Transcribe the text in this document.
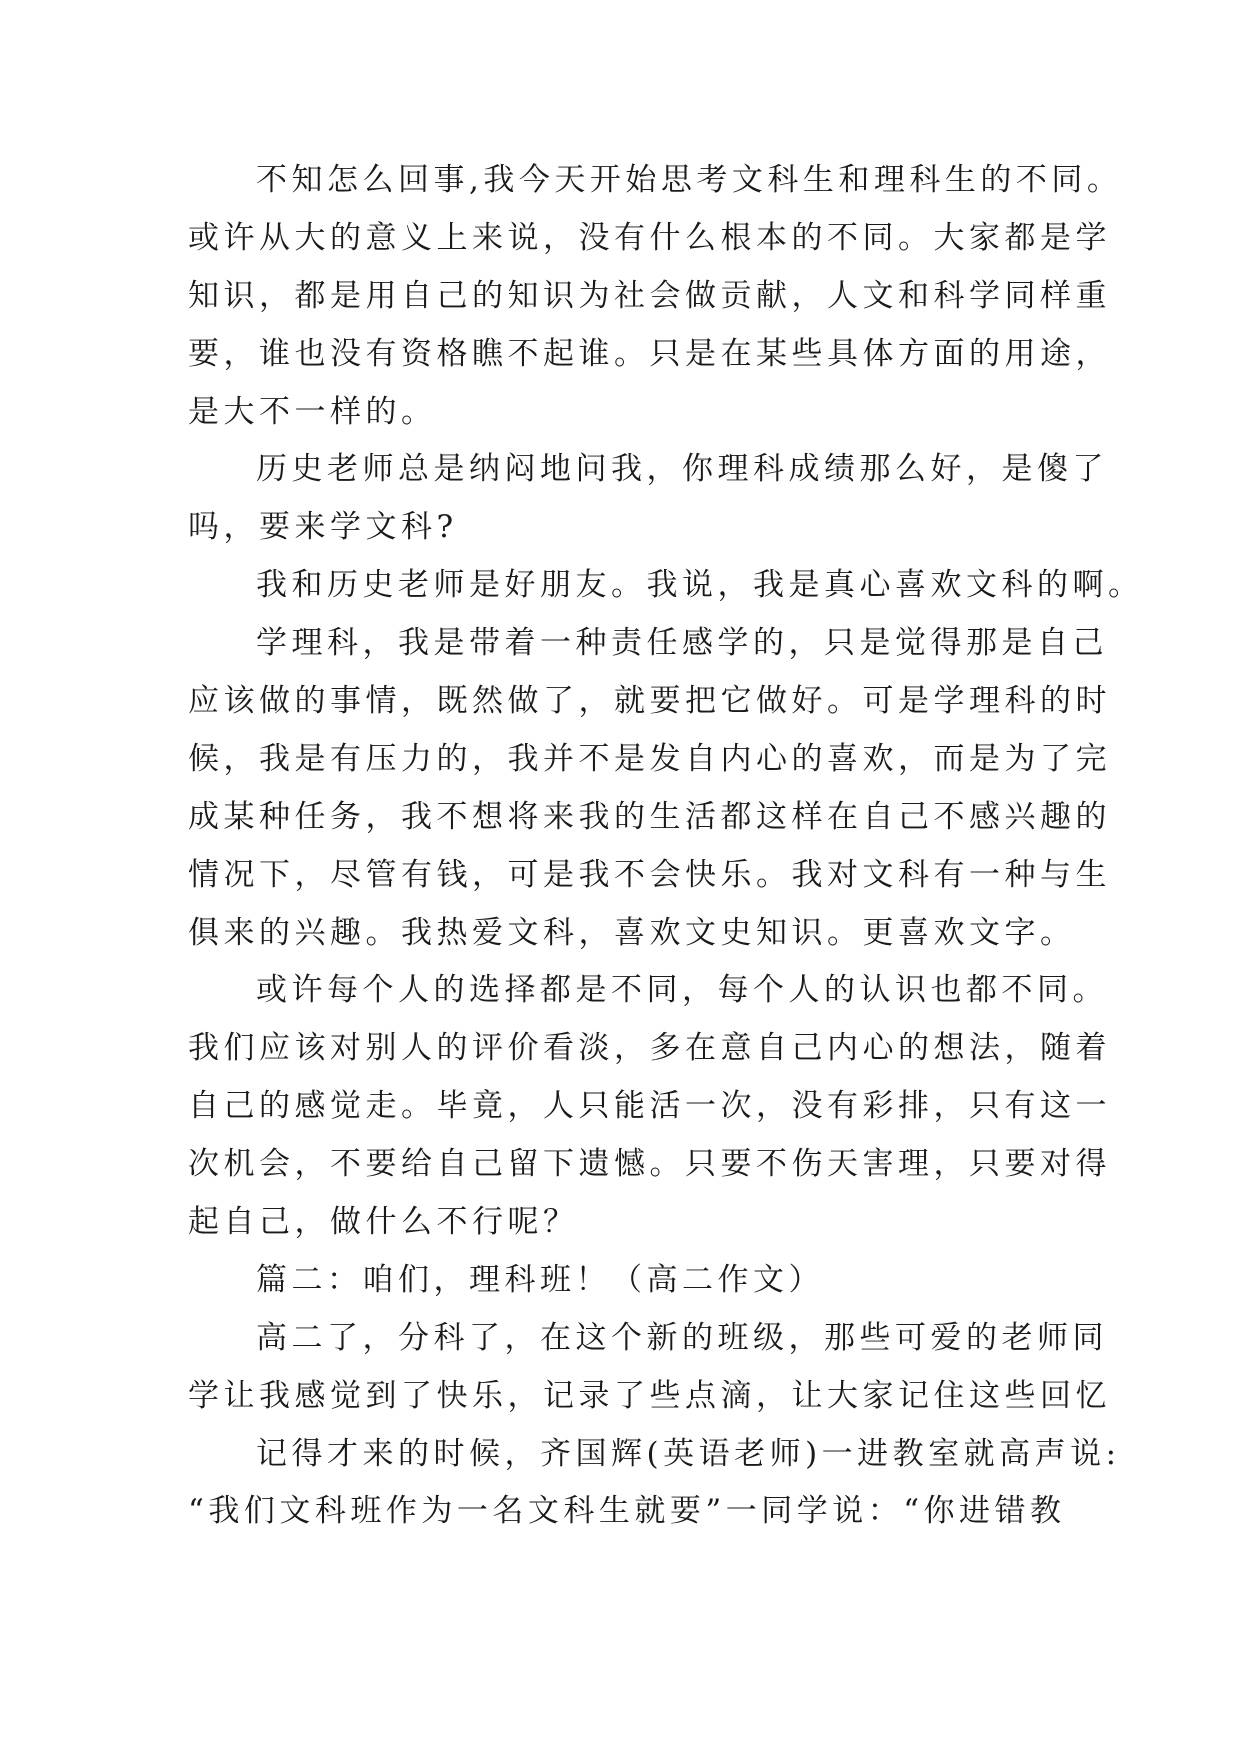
不知怎么回事,我今天开始思考文科生和理科生的不同。
或许从大的意义上来说，没有什么根本的不同。大家都是学
知识，都是用自己的知识为社会做贡献，人文和科学同样重
要，谁也没有资格瞧不起谁。只是在某些具体方面的用途，
是大不一样的。
历史老师总是纳闷地问我，你理科成绩那么好，是傻了
吗，要来学文科?
我和历史老师是好朋友。我说，我是真心喜欢文科的啊。
学理科，我是带着一种责任感学的，只是觉得那是自己
应该做的事情，既然做了，就要把它做好。可是学理科的时
候，我是有压力的，我并不是发自内心的喜欢，而是为了完
成某种任务，我不想将来我的生活都这样在自己不感兴趣的
情况下，尽管有钱，可是我不会快乐。我对文科有一种与生
俱来的兴趣。我热爱文科，喜欢文史知识。更喜欢文字。
或许每个人的选择都是不同，每个人的认识也都不同。
我们应该对别人的评价看淡，多在意自己内心的想法，随着
自己的感觉走。毕竟，人只能活一次，没有彩排，只有这一
次机会，不要给自己留下遗憾。只要不伤天害理，只要对得
起自己，做什么不行呢？
篇二：咱们，理科班！（高二作文）
高二了，分科了，在这个新的班级，那些可爱的老师同
学让我感觉到了快乐，记录了些点滴，让大家记住这些回忆
记得才来的时候，齐国辉(英语老师)一进教室就高声说:
“我们文科班作为一名文科生就要”一同学说：“你进错教
